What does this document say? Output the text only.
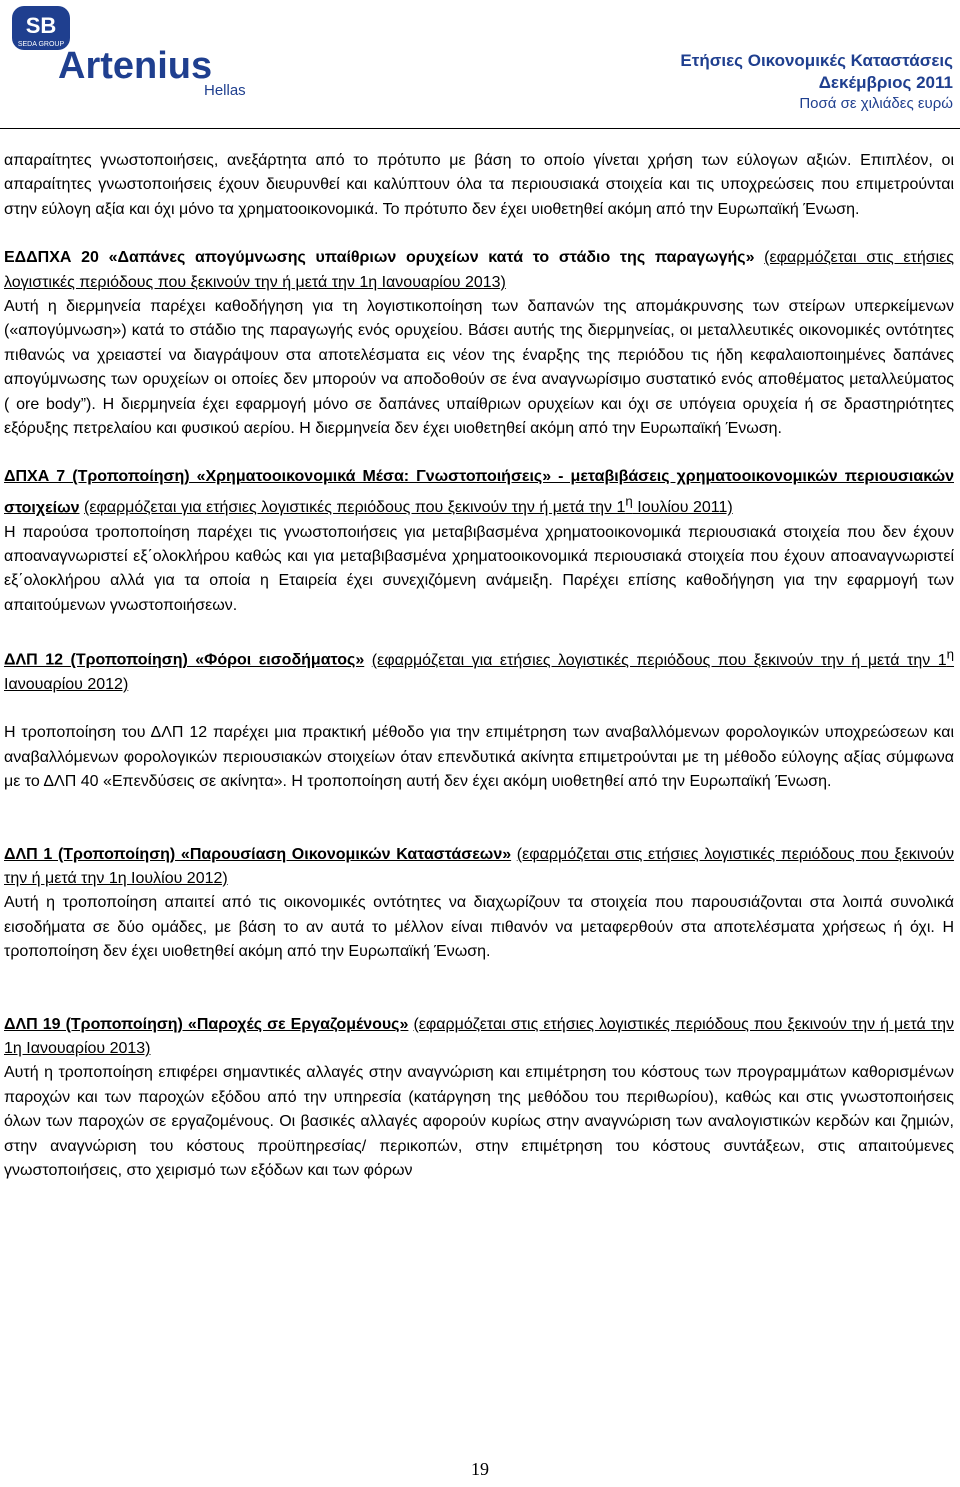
SB
SEDA GROUP
Artenius
Hellas
Ετήσιες Οικονομικές Καταστάσεις
Δεκέμβριος 2011
Ποσά σε χιλιάδες ευρώ

απαραίτητες γνωστοποιήσεις, ανεξάρτητα από το πρότυπο με βάση το οποίο γίνεται χρήση των εύλογων αξιών. Επιπλέον, οι απαραίτητες γνωστοποιήσεις έχουν διευρυνθεί και καλύπτουν όλα τα περιουσιακά στοιχεία και τις υποχρεώσεις που επιμετρούνται στην εύλογη αξία και όχι μόνο τα χρηματοοικονομικά. Το πρότυπο δεν έχει υιοθετηθεί ακόμη από την Ευρωπαϊκή Ένωση.

ΕΔΔΠΧΑ 20 «Δαπάνες απογύμνωσης υπαίθριων ορυχείων κατά το στάδιο της παραγωγής» (εφαρμόζεται στις ετήσιες λογιστικές περιόδους που ξεκινούν την ή μετά την 1η Ιανουαρίου 2013)

Αυτή η διερμηνεία παρέχει καθοδήγηση για τη λογιστικοποίηση των δαπανών της απομάκρυνσης των στείρων υπερκείμενων («απογύμνωση») κατά το στάδιο της παραγωγής ενός ορυχείου. Βάσει αυτής της διερμηνείας, οι μεταλλευτικές οικονομικές οντότητες πιθανώς να χρειαστεί να διαγράψουν στα αποτελέσματα εις νέον της έναρξης της περιόδου τις ήδη κεφαλαιοποιημένες δαπάνες απογύμνωσης των ορυχείων οι οποίες δεν μπορούν να αποδοθούν σε ένα αναγνωρίσιμο συστατικό ενός αποθέματος μεταλλεύματος ( ore body”). Η διερμηνεία έχει εφαρμογή μόνο σε δαπάνες υπαίθριων ορυχείων και όχι σε υπόγεια ορυχεία ή σε δραστηριότητες εξόρυξης πετρελαίου και φυσικού αερίου. Η διερμηνεία δεν έχει υιοθετηθεί ακόμη από την Ευρωπαϊκή Ένωση.

ΔΠΧΑ 7 (Τροποποίηση) «Χρηματοοικονομικά Μέσα: Γνωστοποιήσεις» - μεταβιβάσεις χρηματοοικονομικών περιουσιακών στοιχείων (εφαρμόζεται για ετήσιες λογιστικές περιόδους που ξεκινούν την ή μετά την $1^\eta$ Ιουλίου 2011)

Η παρούσα τροποποίηση παρέχει τις γνωστοποιήσεις για μεταβιβασμένα χρηματοοικονομικά περιουσιακά στοιχεία που δεν έχουν αποαναγνωριστεί εξ΄ολοκλήρου καθώς και για μεταβιβασμένα χρηματοοικονομικά περιουσιακά στοιχεία που έχουν αποαναγνωριστεί εξ΄ολοκλήρου αλλά για τα οποία η Εταιρεία έχει συνεχιζόμενη ανάμειξη. Παρέχει επίσης καθοδήγηση για την εφαρμογή των απαιτούμενων γνωστοποιήσεων.

ΔΛΠ 12 (Τροποποίηση) «Φόροι εισοδήματος» (εφαρμόζεται για ετήσιες λογιστικές περιόδους που ξεκινούν την ή μετά την $1^\eta$ Ιανουαρίου 2012)

Η τροποποίηση του ΔΛΠ 12 παρέχει μια πρακτική μέθοδο για την επιμέτρηση των αναβαλλόμενων φορολογικών υποχρεώσεων και αναβαλλόμενων φορολογικών περιουσιακών στοιχείων όταν επενδυτικά ακίνητα επιμετρούνται με τη μέθοδο εύλογης αξίας σύμφωνα με το ΔΛΠ 40 «Επενδύσεις σε ακίνητα». Η τροποποίηση αυτή δεν έχει ακόμη υιοθετηθεί από την Ευρωπαϊκή Ένωση.

ΔΛΠ 1 (Τροποποίηση) «Παρουσίαση Οικονομικών Καταστάσεων» (εφαρμόζεται στις ετήσιες λογιστικές περιόδους που ξεκινούν την ή μετά την 1η Ιουλίου 2012)

Αυτή η τροποποίηση απαιτεί από τις οικονομικές οντότητες να διαχωρίζουν τα στοιχεία που παρουσιάζονται στα λοιπά συνολικά εισοδήματα σε δύο ομάδες, με βάση το αν αυτά το μέλλον είναι πιθανόν να μεταφερθούν στα αποτελέσματα χρήσεως ή όχι. Η τροποποίηση δεν έχει υιοθετηθεί ακόμη από την Ευρωπαϊκή Ένωση.

ΔΛΠ 19 (Τροποποίηση) «Παροχές σε Εργαζομένους» (εφαρμόζεται στις ετήσιες λογιστικές περιόδους που ξεκινούν την ή μετά την 1η Ιανουαρίου 2013)

Αυτή η τροποποίηση επιφέρει σημαντικές αλλαγές στην αναγνώριση και επιμέτρηση του κόστους των προγραμμάτων καθορισμένων παροχών και των παροχών εξόδου από την υπηρεσία (κατάργηση της μεθόδου του περιθωρίου), καθώς και στις γνωστοποιήσεις όλων των παροχών σε εργαζομένους. Οι βασικές αλλαγές αφορούν κυρίως στην αναγνώριση των αναλογιστικών κερδών και ζημιών, στην αναγνώριση του κόστους προϋπηρεσίας/ περικοπών, στην επιμέτρηση του κόστους συντάξεων, στις απαιτούμενες γνωστοποιήσεις, στο χειρισμό των εξόδων και των φόρων

19
